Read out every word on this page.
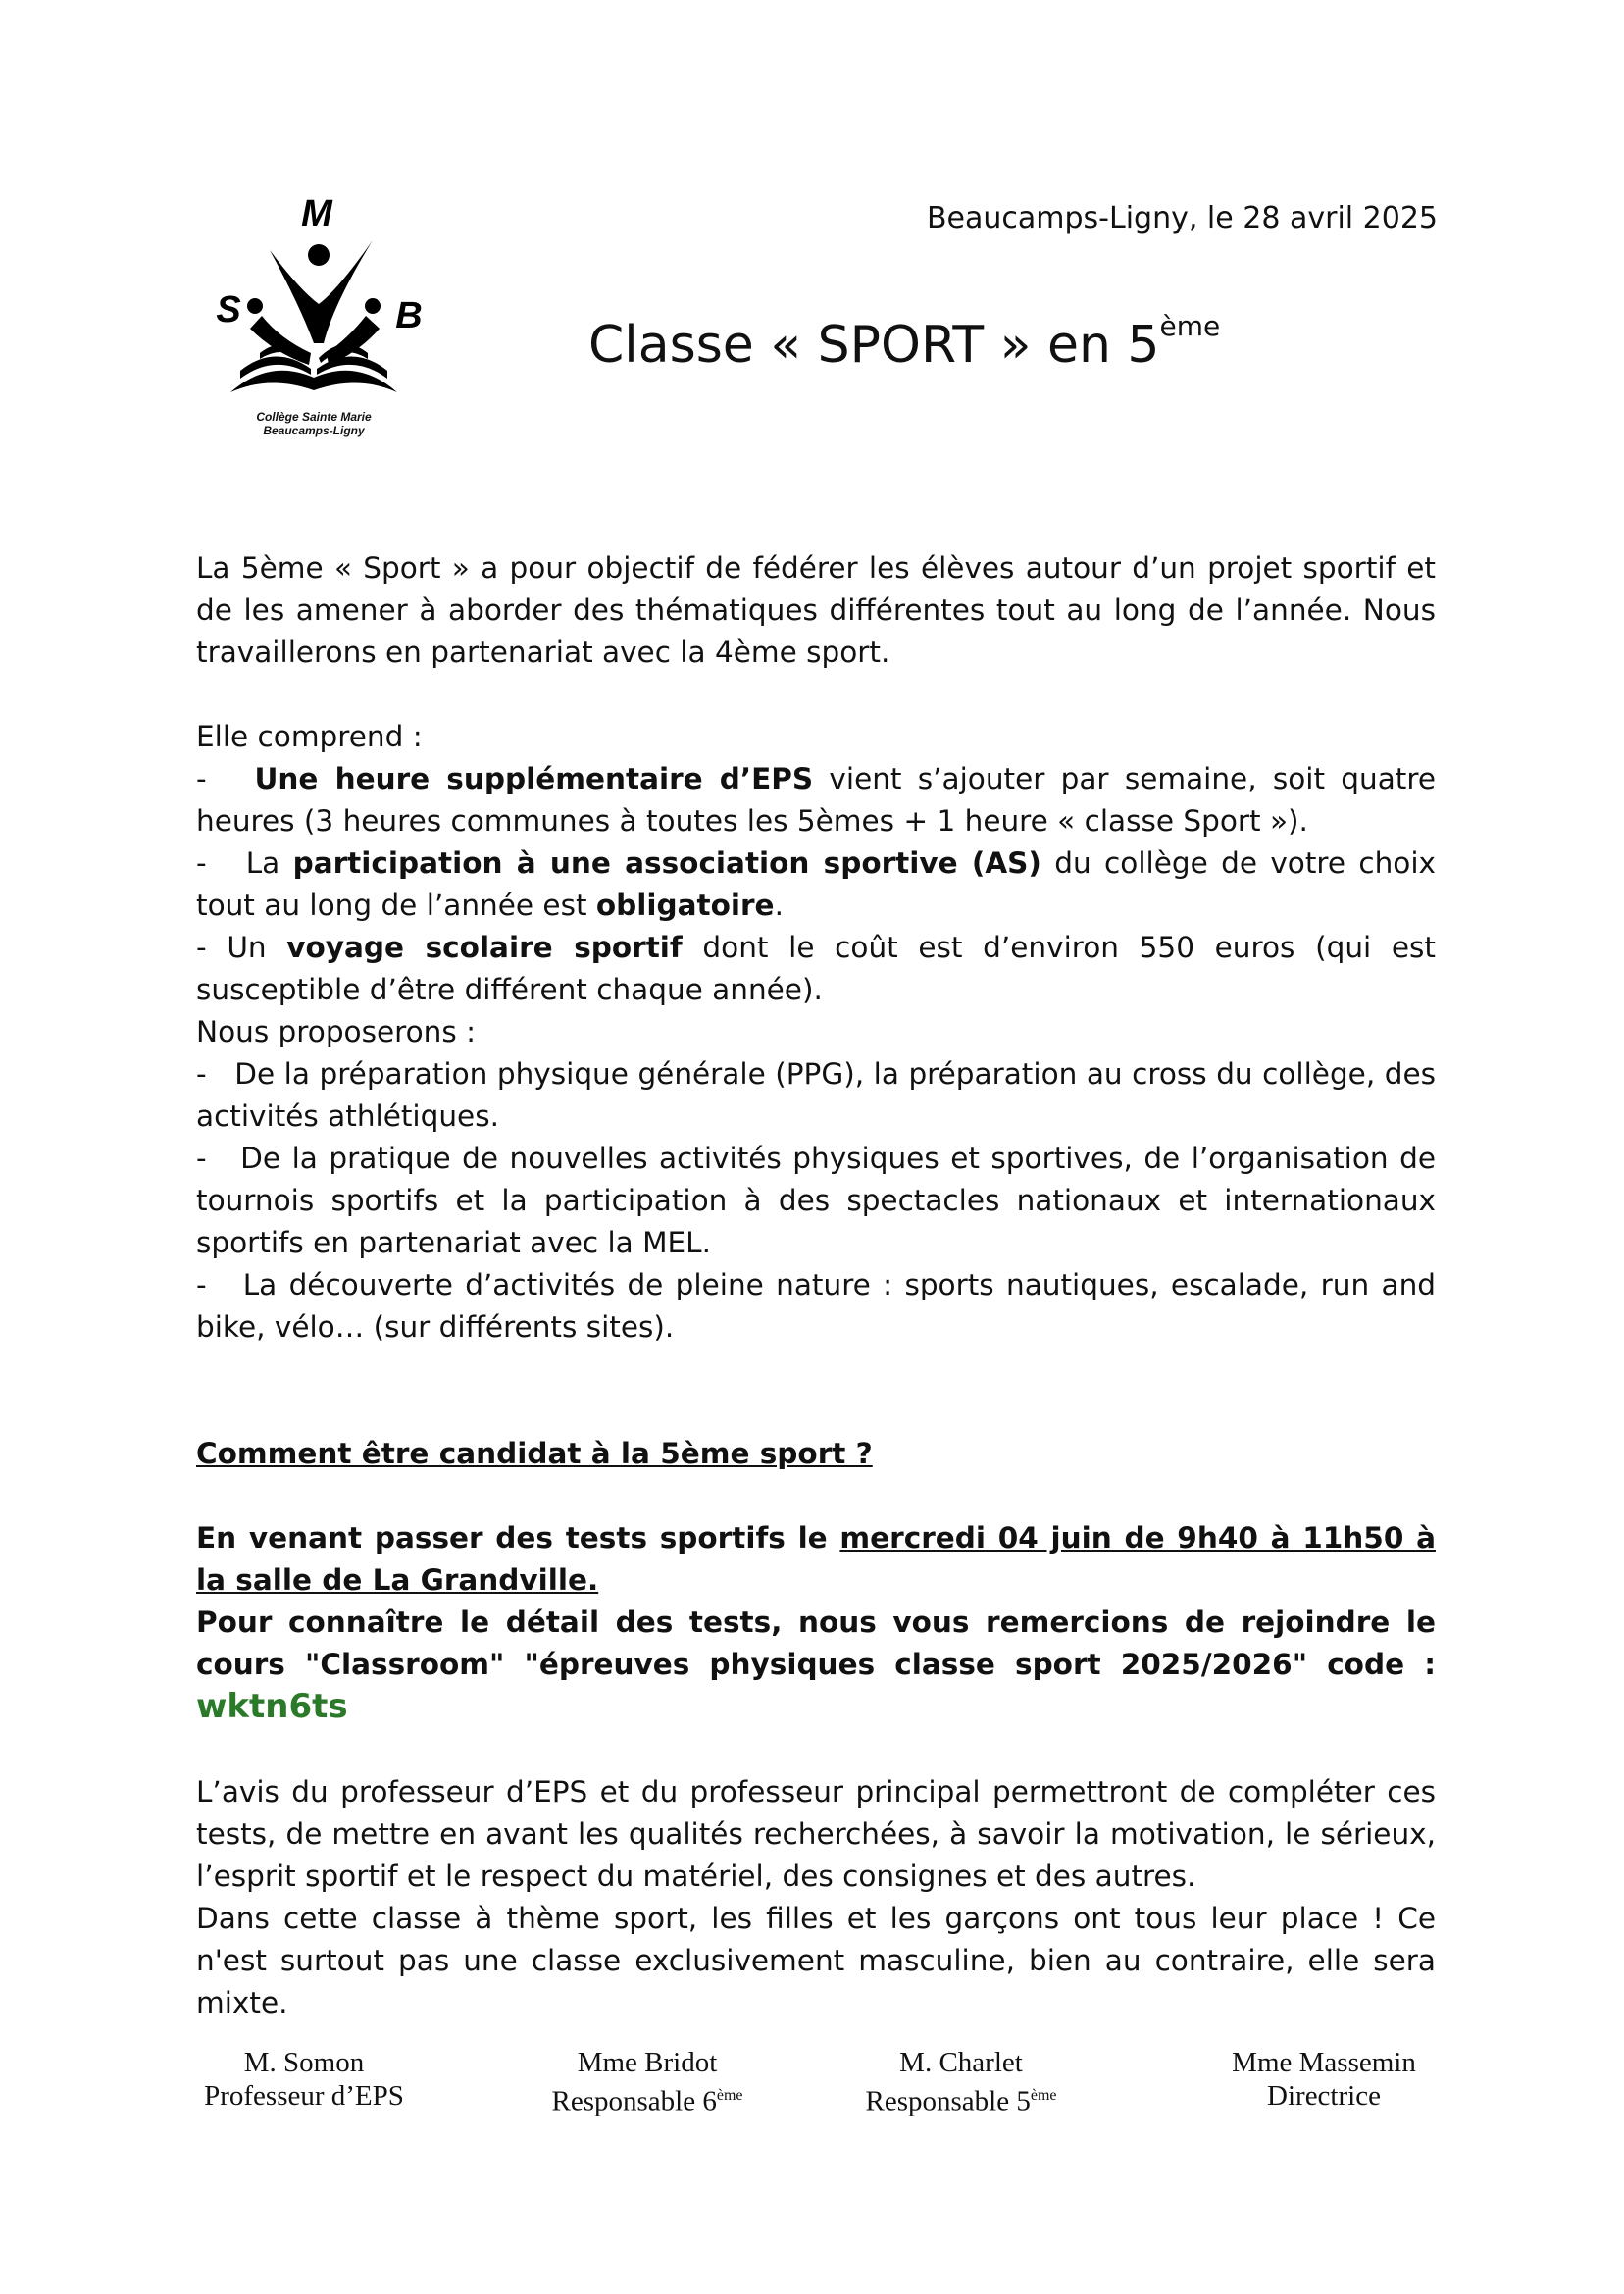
M
S	B
Collège Sainte Marie
Beaucamps-Ligny
Beaucamps-Ligny, le 28 avril 2025
Classe « SPORT » en 5ème

La 5ème « Sport » a pour objectif de fédérer les élèves autour d’un projet sportif et de les amener à aborder des thématiques différentes tout au long de l’année. Nous travaillerons en partenariat avec la 4ème sport.

Elle comprend :

-   Une heure supplémentaire d’EPS vient s’ajouter par semaine, soit quatre heures (3 heures communes à toutes les 5èmes + 1 heure « classe Sport »).

-   La participation à une association sportive (AS) du collège de votre choix tout au long de l’année est obligatoire.

- Un voyage scolaire sportif dont le coût est d’environ 550 euros (qui est susceptible d’être différent chaque année).

Nous proposerons :

-   De la préparation physique générale (PPG), la préparation au cross du collège, des activités athlétiques.

-   De la pratique de nouvelles activités physiques et sportives, de l’organisation de tournois sportifs et la participation à des spectacles nationaux et internationaux sportifs en partenariat avec la MEL.

-   La découverte d’activités de pleine nature : sports nautiques, escalade, run and bike, vélo… (sur différents sites).

Comment être candidat à la 5ème sport ?

En venant passer des tests sportifs le mercredi 04 juin de 9h40 à 11h50 à la salle de La Grandville.

Pour connaître le détail des tests, nous vous remercions de rejoindre le cours "Classroom" "épreuves physiques classe sport 2025/2026" code : wktn6ts

L’avis du professeur d’EPS et du professeur principal permettront de compléter ces tests, de mettre en avant les qualités recherchées, à savoir la motivation, le sérieux, l’esprit sportif et le respect du matériel, des consignes et des autres.

Dans cette classe à thème sport, les filles et les garçons ont tous leur place ! Ce n'est surtout pas une classe exclusivement masculine, bien au contraire, elle sera mixte.

M. Somon
Professeur d’EPS
Mme Bridot
Responsable 6ème
M. Charlet
Responsable 5ème
Mme Massemin
Directrice
